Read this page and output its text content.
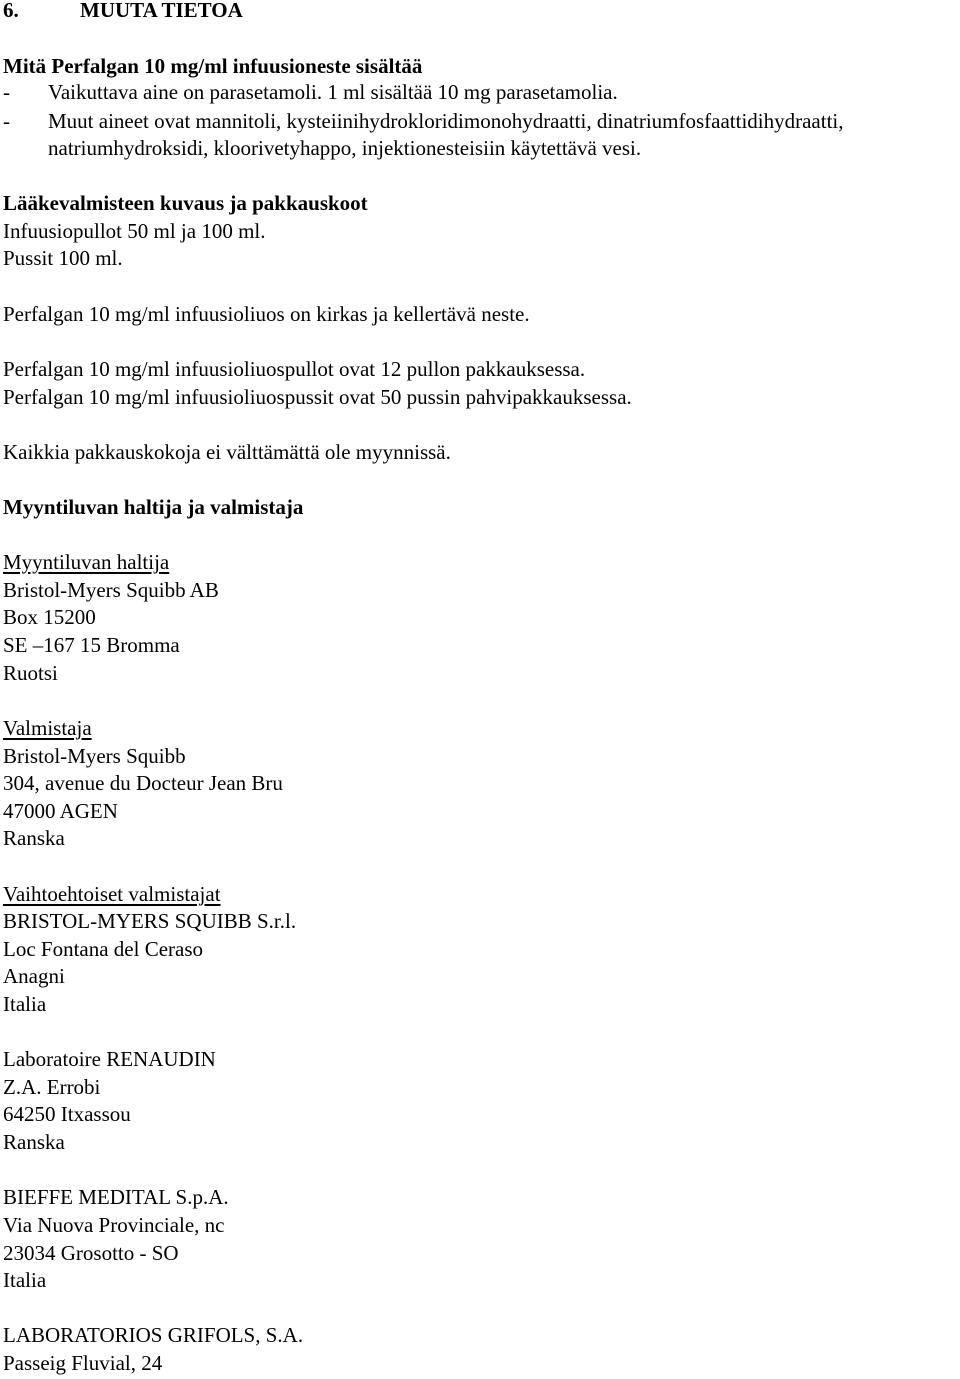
6.	MUUTA TIETOA
Mitä Perfalgan 10 mg/ml infuusioneste sisältää
- Vaikuttava aine on parasetamoli. 1 ml sisältää 10 mg parasetamolia.
- Muut aineet ovat mannitoli, kysteiinihydrokloridimonohydraatti, dinatriumfosfaattidihydraatti,
natriumhydroksidi, kloorivetyhappo, injektionesteisiin käytettävä vesi.
Lääkevalmisteen kuvaus ja pakkauskoot
Infuusiopullot 50 ml ja 100 ml.
Pussit 100 ml.
Perfalgan 10 mg/ml infuusioliuos on kirkas ja kellertävä neste.
Perfalgan 10 mg/ml infuusioliuospullot ovat 12 pullon pakkauksessa.
Perfalgan 10 mg/ml infuusioliuospussit ovat 50 pussin pahvipakkauksessa.
Kaikkia pakkauskokoja ei välttämättä ole myynnissä.
Myyntiluvan haltija ja valmistaja
Myyntiluvan haltija
Bristol-Myers Squibb AB
Box 15200
SE –167 15 Bromma
Ruotsi
Valmistaja
Bristol-Myers Squibb
304, avenue du Docteur Jean Bru
47000 AGEN
Ranska
Vaihtoehtoiset valmistajat
BRISTOL-MYERS SQUIBB S.r.l.
Loc Fontana del Ceraso
Anagni
Italia
Laboratoire RENAUDIN
Z.A. Errobi
64250 Itxassou
Ranska
BIEFFE MEDITAL S.p.A.
Via Nuova Provinciale, nc
23034 Grosotto - SO
Italia
LABORATORIOS GRIFOLS, S.A.
Passeig Fluvial, 24
